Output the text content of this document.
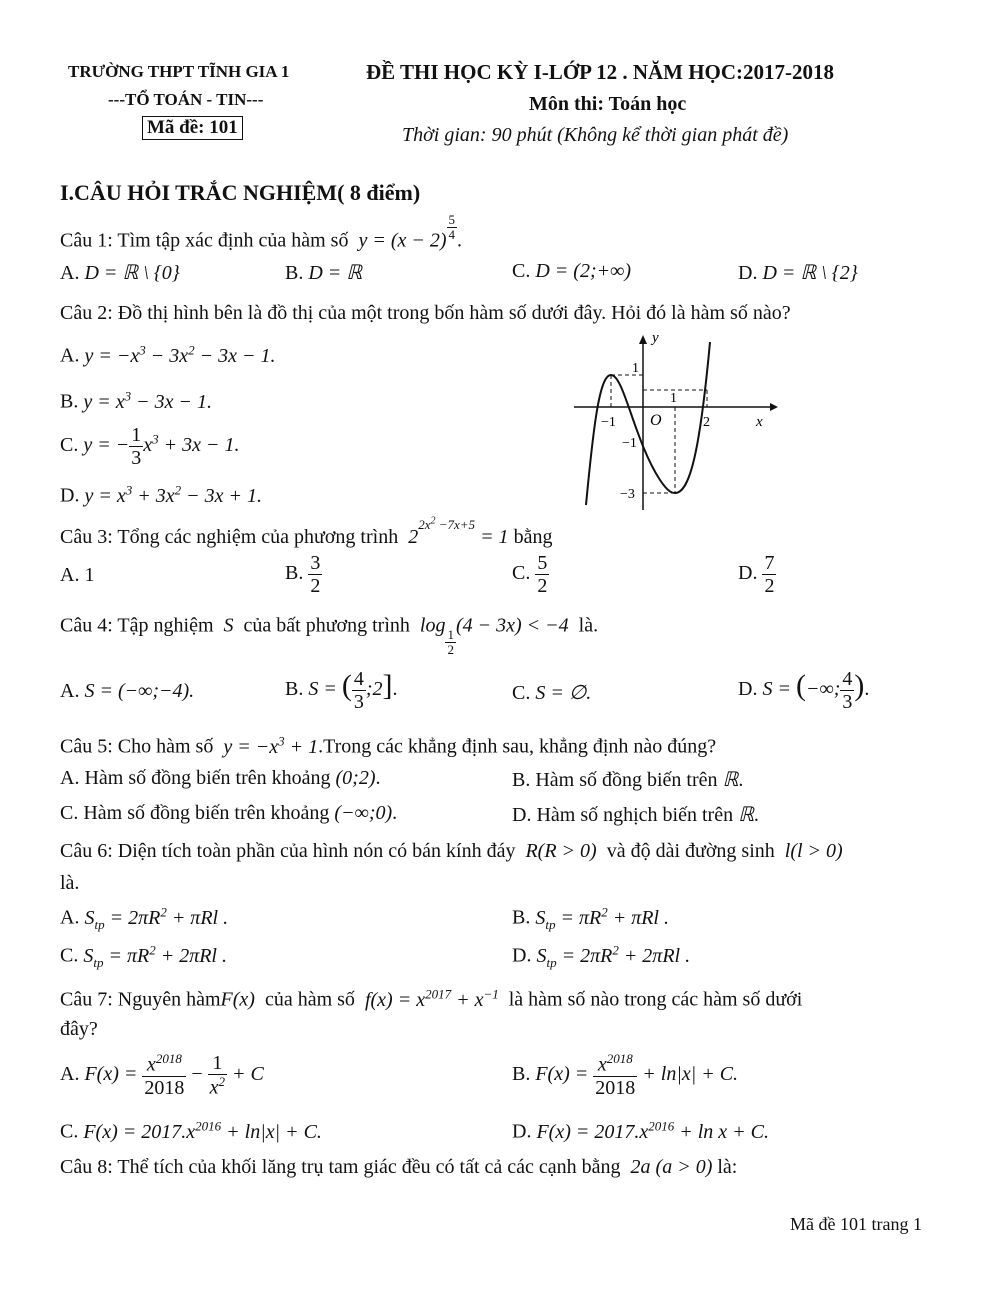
TRƯỜNG THPT TĨNH GIA 1
---TỔ TOÁN - TIN---
Mã đề: 101
ĐỀ THI HỌC KỲ I-LỚP 12 . NĂM HỌC:2017-2018
Môn thi: Toán học
Thời gian: 90 phút (Không kể thời gian phát đề)
I.CÂU HỎI TRẮC NGHIỆM( 8 điểm)
Câu 1: Tìm tập xác định của hàm số  $y = (x - 2) \frac{5}{4}$ .
A. D = ℝ \ {0}	B. D = ℝ	C. D = (2;+∞)	D. D = ℝ \ {2}
Câu 2: Đồ thị hình bên là đồ thị của một trong bốn hàm số dưới đây. Hỏi đó là hàm số nào?
A. $y = -x^3 - 3x^2 - 3x - 1$.
B. $y = x^3 - 3x - 1$.
C. y = − $\frac{1}{3} x^3 + 3x - 1$.
D. $y = x^3 + 3x^2 - 3x + 1$.
y
x
O
1
1
−1	2
−1
−3
Câu 3: Tổng các nghiệm của phương trình  $2^{2x^2 -7x+5} = 1$ bằng
A. 1	B. $\frac{3}{2}$	C. $\frac{5}{2}$	D. $\frac{7}{2}$
Câu 4: Tập nghiệm  S  của bất phương trình  log
$\frac{1}{2}$
(4 − 3x) < −4  là.
A. S = (−∞;−4).	B. S = ( $\frac{4}{3}$ ;2].	C. S = ∅.	D. S = (−∞; $\frac{4}{3}$ ).
Câu 5: Cho hàm số  $y = -x^3$ + 1.Trong các khẳng định sau, khẳng định nào đúng?
A. Hàm số đồng biến trên khoảng (0;2).	B. Hàm số đồng biến trên ℝ.
C. Hàm số đồng biến trên khoảng (−∞;0).	D. Hàm số nghịch biến trên ℝ.
Câu 6: Diện tích toàn phần của hình nón có bán kính đáy  R(R > 0)  và độ dài đường sinh  l(l > 0)
là.
A. $S_{tp} = 2\pi R^2 + \pi Rl$ .	B. $S_{tp} = \pi R^2 + \pi Rl$ .
C. $S_{tp} = \pi R^2 + 2\pi Rl$ .	D. $S_{tp} = 2\pi R^2 + 2\pi Rl$ .
Câu 7: Nguyên hàmF(x) của hàm số  $f(x) = x^{2017} + x^{-1}$ là hàm số nào trong các hàm số dưới
đây?
A. $F(x) = \frac{x^{2018}}{2018} - \frac{1}{x^2} + C$	B. $F(x) = \frac{x^{2018}}{2018} + \ln|x| + C$.
C. $F(x) = 2017.x^{2016} + \ln|x| + C$.	D. $F(x) = 2017.x^{2016} + \ln x + C$.
Câu 8: Thể tích của khối lăng trụ tam giác đều có tất cả các cạnh bằng  2a (a > 0) là:
Mã đề 101 trang 1
